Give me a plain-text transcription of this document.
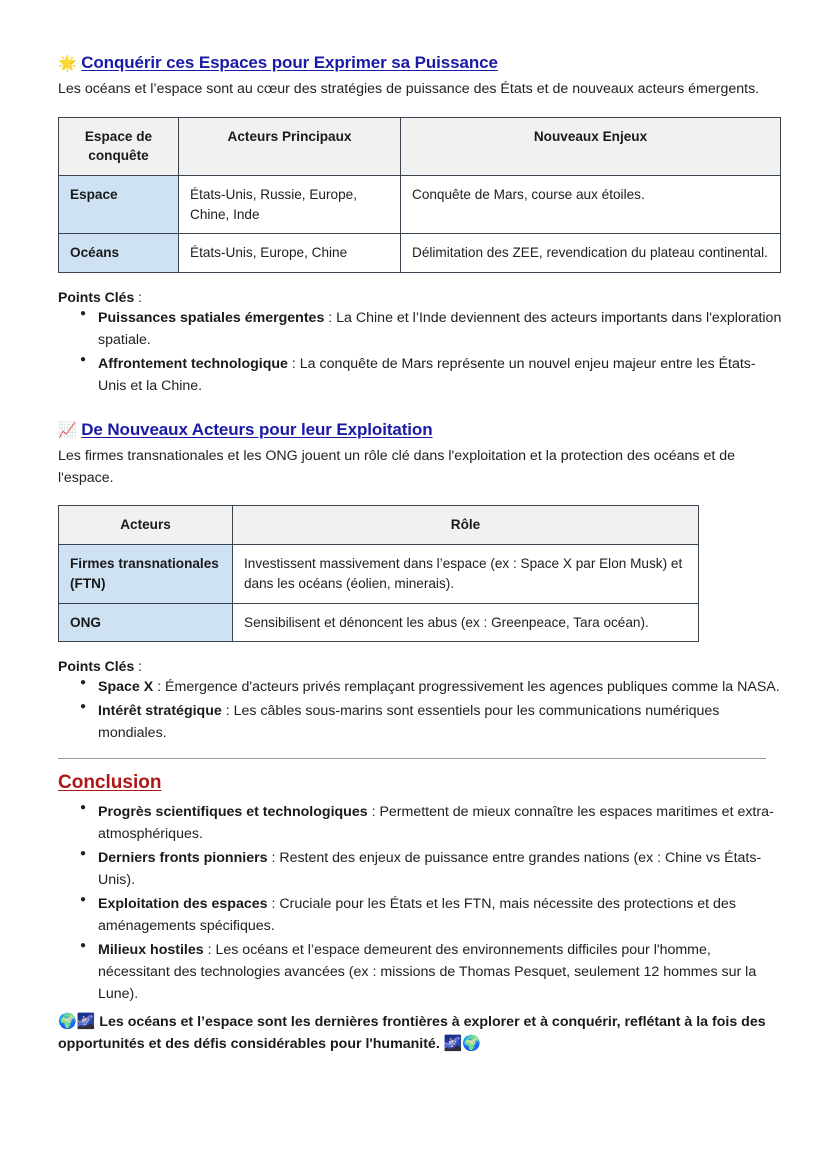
🌟 Conquérir ces Espaces pour Exprimer sa Puissance

Les océans et l’espace sont au cœur des stratégies de puissance des États et de nouveaux acteurs émergents.

Espace de conquête	Acteurs Principaux	Nouveaux Enjeux
Espace	États-Unis, Russie, Europe, Chine, Inde	Conquête de Mars, course aux étoiles.
Océans	États-Unis, Europe, Chine	Délimitation des ZEE, revendication du plateau continental.

Points Clés :

● Puissances spatiales émergentes : La Chine et l’Inde deviennent des acteurs importants dans l'exploration spatiale.
● Affrontement technologique : La conquête de Mars représente un nouvel enjeu majeur entre les États-Unis et la Chine.
📈 De Nouveaux Acteurs pour leur Exploitation

Les firmes transnationales et les ONG jouent un rôle clé dans l'exploitation et la protection des océans et de l'espace.

Acteurs	Rôle
Firmes transnationales (FTN)	Investissent massivement dans l’espace (ex : Space X par Elon Musk) et dans les océans (éolien, minerais).
ONG	Sensibilisent et dénoncent les abus (ex : Greenpeace, Tara océan).

Points Clés :

● Space X : Émergence d'acteurs privés remplaçant progressivement les agences publiques comme la NASA.
● Intérêt stratégique : Les câbles sous-marins sont essentiels pour les communications numériques mondiales.
Conclusion
● Progrès scientifiques et technologiques : Permettent de mieux connaître les espaces maritimes et extra-atmosphériques.
● Derniers fronts pionniers : Restent des enjeux de puissance entre grandes nations (ex : Chine vs États-Unis).
● Exploitation des espaces : Cruciale pour les États et les FTN, mais nécessite des protections et des aménagements spécifiques.
● Milieux hostiles : Les océans et l’espace demeurent des environnements difficiles pour l'homme, nécessitant des technologies avancées (ex : missions de Thomas Pesquet, seulement 12 hommes sur la Lune).

🌍🌌 Les océans et l’espace sont les dernières frontières à explorer et à conquérir, reflétant à la fois des opportunités et des défis considérables pour l'humanité. 🌌🌍
